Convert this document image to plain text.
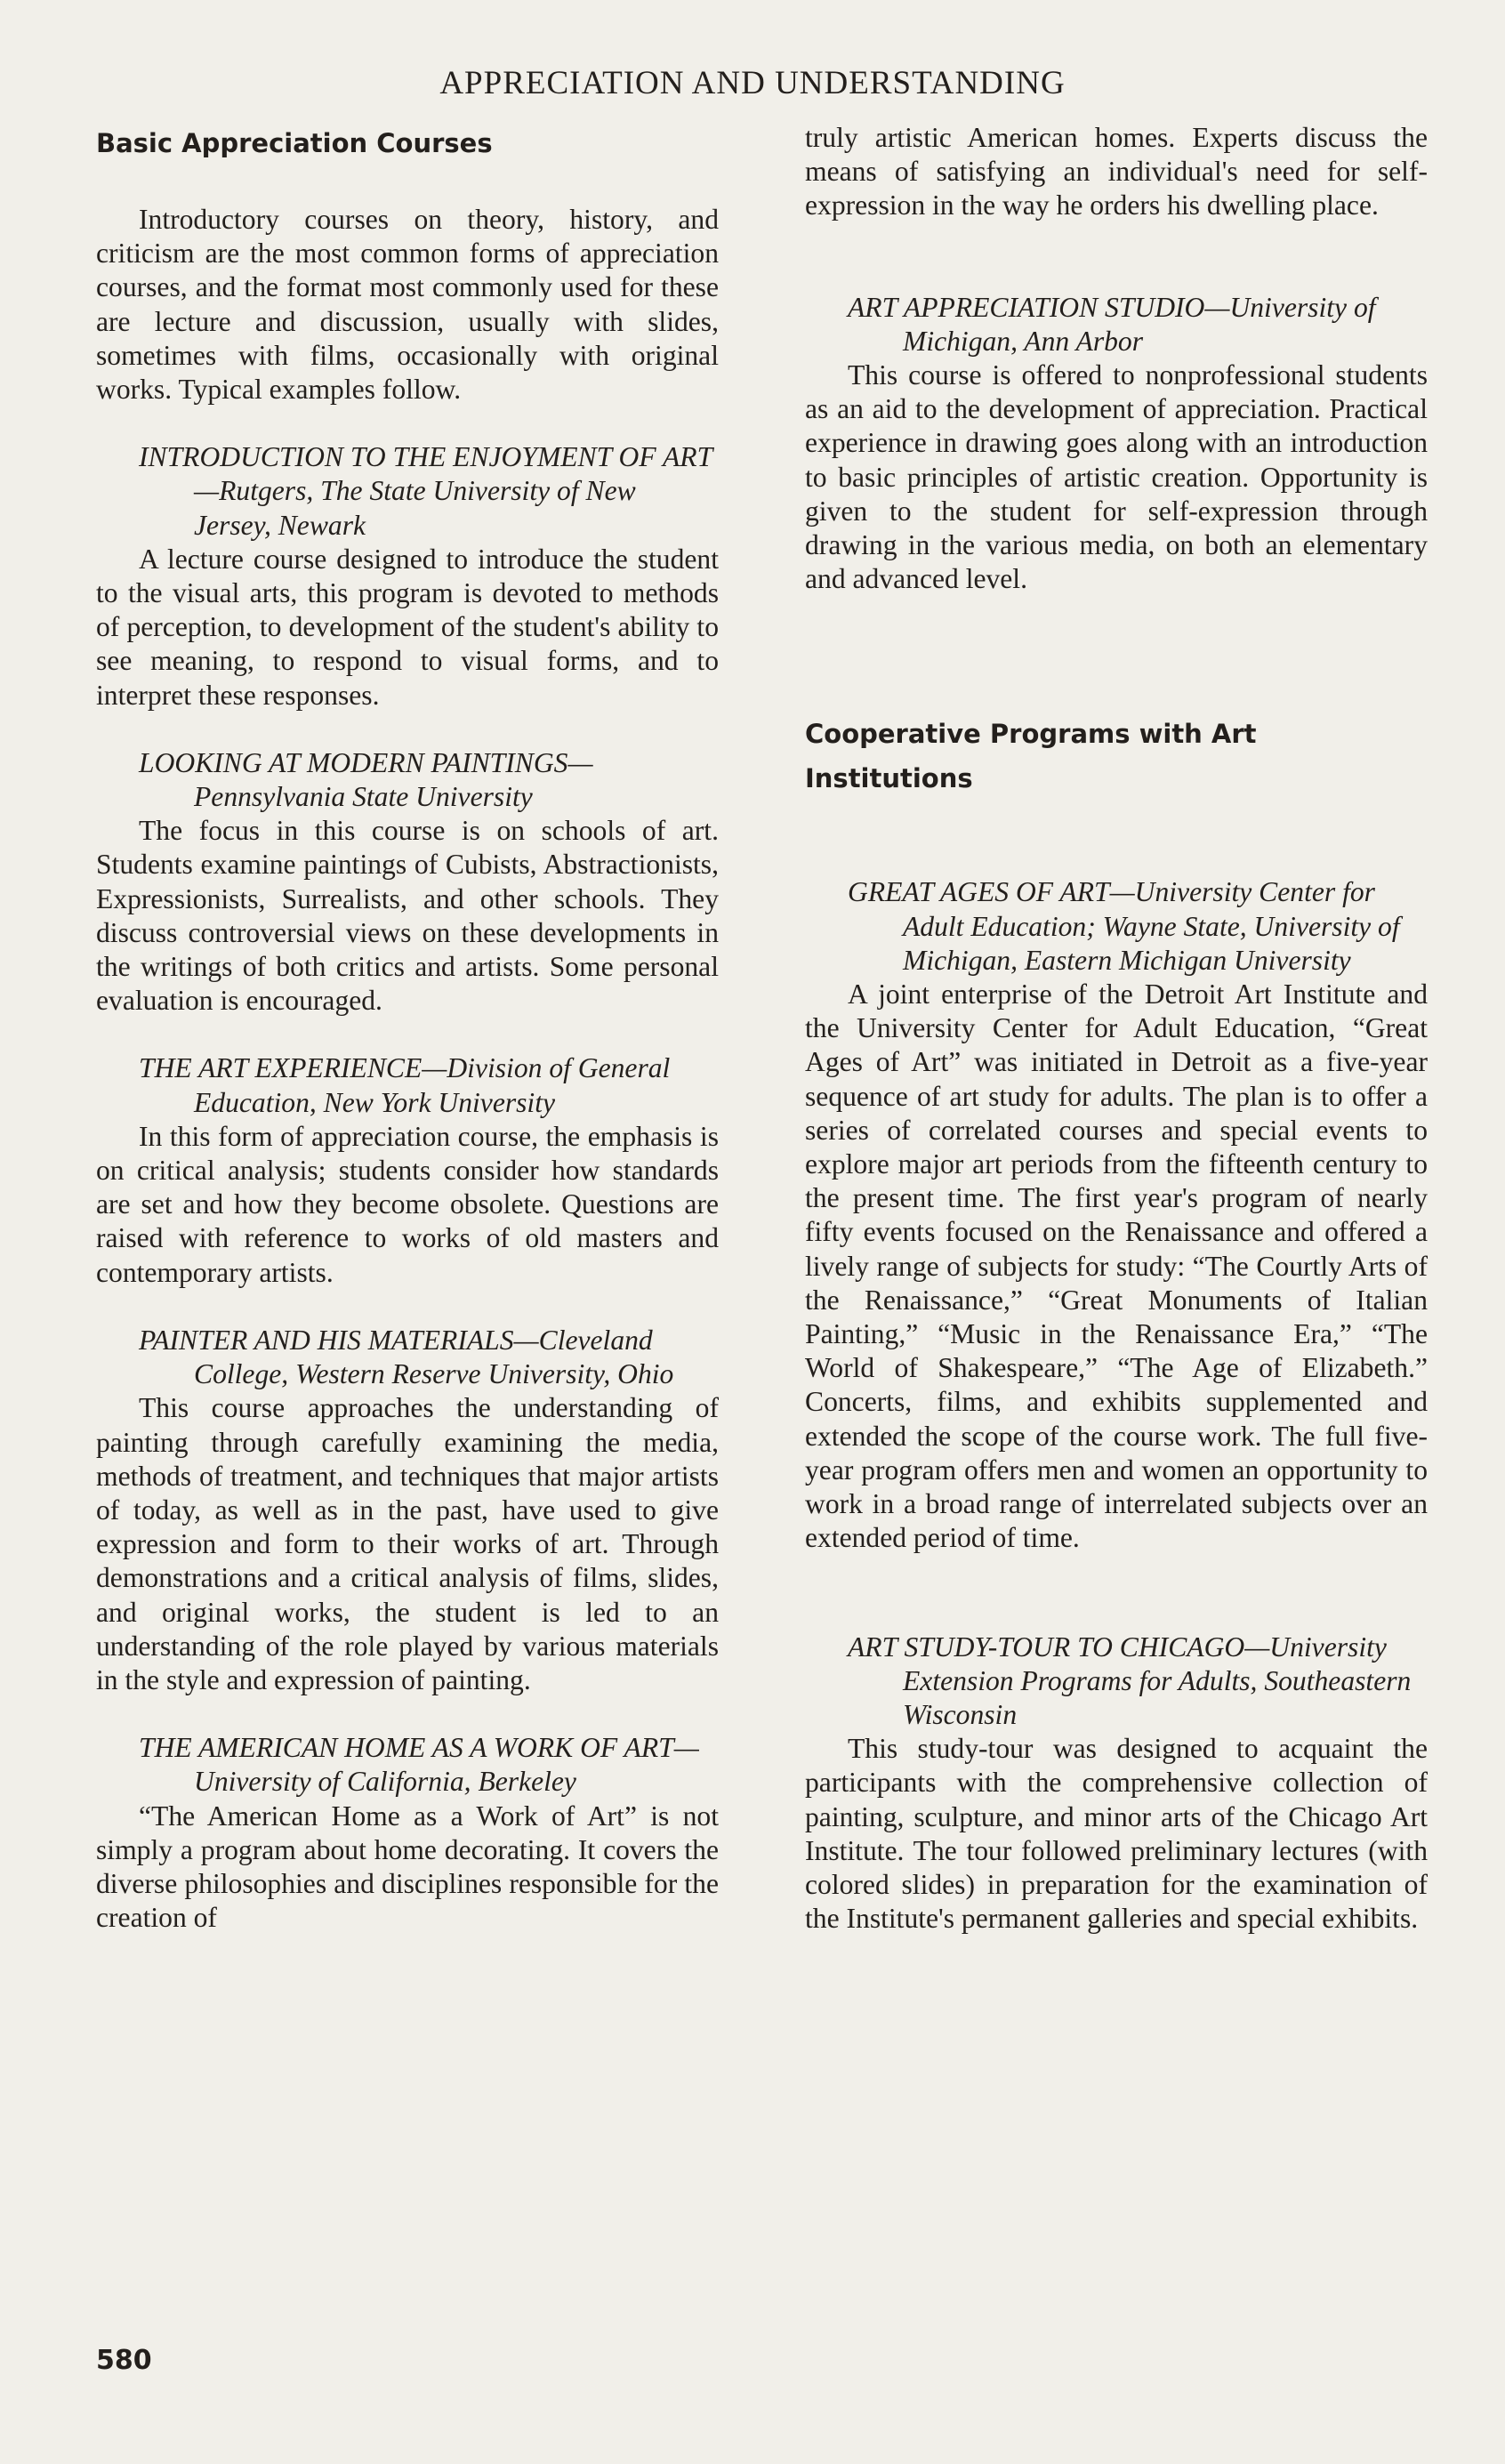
APPRECIATION AND UNDERSTANDING
Basic Appreciation Courses

Introductory courses on theory, history, and criticism are the most common forms of appreciation courses, and the format most commonly used for these are lecture and discussion, usually with slides, sometimes with films, occasionally with original works. Typical examples follow.

INTRODUCTION TO THE ENJOYMENT OF ART—Rutgers, The State University of New Jersey, Newark

A lecture course designed to introduce the student to the visual arts, this program is devoted to methods of perception, to development of the student's ability to see meaning, to respond to visual forms, and to interpret these responses.

LOOKING AT MODERN PAINTINGS—Pennsylvania State University

The focus in this course is on schools of art. Students examine paintings of Cubists, Abstractionists, Expressionists, Surrealists, and other schools. They discuss controversial views on these developments in the writings of both critics and artists. Some personal evaluation is encouraged.

THE ART EXPERIENCE—Division of General Education, New York University

In this form of appreciation course, the emphasis is on critical analysis; students consider how standards are set and how they become obsolete. Questions are raised with reference to works of old masters and contemporary artists.

PAINTER AND HIS MATERIALS—Cleveland College, Western Reserve University, Ohio

This course approaches the understanding of painting through carefully examining the media, methods of treatment, and techniques that major artists of today, as well as in the past, have used to give expression and form to their works of art. Through demonstrations and a critical analysis of films, slides, and original works, the student is led to an understanding of the role played by various materials in the style and expression of painting.

THE AMERICAN HOME AS A WORK OF ART—University of California, Berkeley

“The American Home as a Work of Art” is not simply a program about home decorating. It covers the diverse philosophies and disciplines responsible for the creation of

truly artistic American homes. Experts discuss the means of satisfying an individual's need for self-expression in the way he orders his dwelling place.

ART APPRECIATION STUDIO—University of Michigan, Ann Arbor

This course is offered to nonprofessional students as an aid to the development of appreciation. Practical experience in drawing goes along with an introduction to basic principles of artistic creation. Opportunity is given to the student for self-expression through drawing in the various media, on both an elementary and advanced level.

Cooperative Programs with Art Institutions
GREAT AGES OF ART—University Center for Adult Education; Wayne State, University of Michigan, Eastern Michigan University

A joint enterprise of the Detroit Art Institute and the University Center for Adult Education, “Great Ages of Art” was initiated in Detroit as a five-year sequence of art study for adults. The plan is to offer a series of correlated courses and special events to explore major art periods from the fifteenth century to the present time. The first year's program of nearly fifty events focused on the Renaissance and offered a lively range of subjects for study: “The Courtly Arts of the Renaissance,” “Great Monuments of Italian Painting,” “Music in the Renaissance Era,” “The World of Shakespeare,” “The Age of Elizabeth.” Concerts, films, and exhibits supplemented and extended the scope of the course work. The full five-year program offers men and women an opportunity to work in a broad range of interrelated subjects over an extended period of time.

ART STUDY-TOUR TO CHICAGO—University Extension Programs for Adults, Southeastern Wisconsin

This study-tour was designed to acquaint the participants with the comprehensive collection of painting, sculpture, and minor arts of the Chicago Art Institute. The tour followed preliminary lectures (with colored slides) in preparation for the examination of the Institute's permanent galleries and special exhibits.

580
